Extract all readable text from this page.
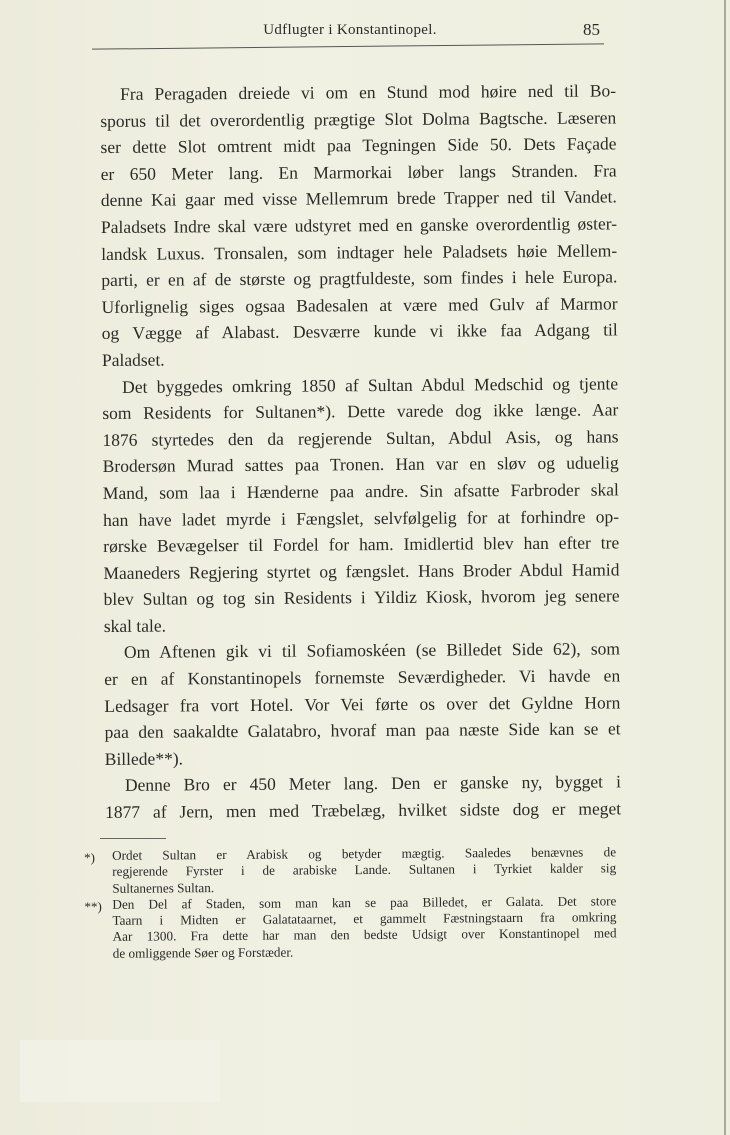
Udflugter i Konstantinopel.	85
Fra Peragaden dreiede vi om en Stund mod høire ned til Bo-
sporus til det overordentlig prægtige Slot Dolma Bagtsche. Læseren
ser dette Slot omtrent midt paa Tegningen Side 50. Dets Façade
er 650 Meter lang. En Marmorkai løber langs Stranden. Fra
denne Kai gaar med visse Mellemrum brede Trapper ned til Vandet.
Paladsets Indre skal være udstyret med en ganske overordentlig øster-
landsk Luxus. Tronsalen, som indtager hele Paladsets høie Mellem-
parti, er en af de største og pragtfuldeste, som findes i hele Europa.
Uforlignelig siges ogsaa Badesalen at være med Gulv af Marmor
og Vægge af Alabast. Desværre kunde vi ikke faa Adgang til
Paladset.
Det byggedes omkring 1850 af Sultan Abdul Medschid og tjente
som Residents for Sultanen*). Dette varede dog ikke længe. Aar
1876 styrtedes den da regjerende Sultan, Abdul Asis, og hans
Brodersøn Murad sattes paa Tronen. Han var en sløv og uduelig
Mand, som laa i Hænderne paa andre. Sin afsatte Farbroder skal
han have ladet myrde i Fængslet, selvfølgelig for at forhindre op-
rørske Bevægelser til Fordel for ham. Imidlertid blev han efter tre
Maaneders Regjering styrtet og fængslet. Hans Broder Abdul Hamid
blev Sultan og tog sin Residents i Yildiz Kiosk, hvorom jeg senere
skal tale.
Om Aftenen gik vi til Sofiamoskéen (se Billedet Side 62), som
er en af Konstantinopels fornemste Seværdigheder. Vi havde en
Ledsager fra vort Hotel. Vor Vei førte os over det Gyldne Horn
paa den saakaldte Galatabro, hvoraf man paa næste Side kan se et
Billede**).
Denne Bro er 450 Meter lang. Den er ganske ny, bygget i
1877 af Jern, men med Træbelæg, hvilket sidste dog er meget
*)	Ordet Sultan er Arabisk og betyder mægtig. Saaledes benævnes de
regjerende Fyrster i de arabiske Lande. Sultanen i Tyrkiet kalder sig
Sultanernes Sultan.
**) Den Del af Staden, som man kan se paa Billedet, er Galata. Det store
Taarn i Midten er Galatataarnet, et gammelt Fæstningstaarn fra omkring
Aar 1300. Fra dette har man den bedste Udsigt over Konstantinopel med
de omliggende Søer og Forstæder.
